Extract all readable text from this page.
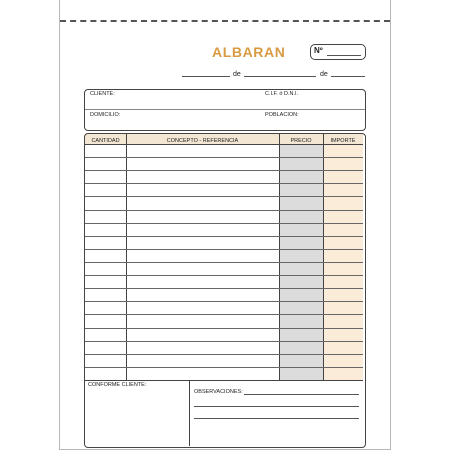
ALBARAN	Nº
de	de
CLIENTE:	C.I.F. ó D.N.I.
DOMICILIO:	POBLACION:
CANTIDAD	CONCEPTO - REFERENCIA	PRECIO	IMPORTE
CONFORME CLIENTE:
OBSERVACIONES:
